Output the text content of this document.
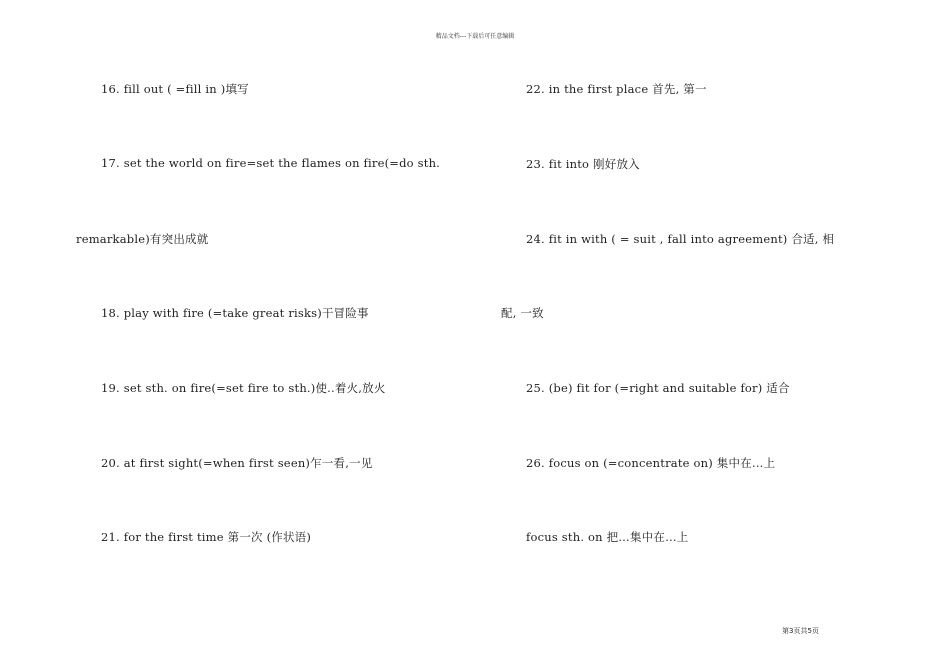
精品文档---下载后可任意编辑
16. fill out ( =fill in )填写
17. set the world on fire=set the flames on fire(=do sth.
remarkable)有突出成就
18. play with fire (=take great risks)干冒险事
19. set sth. on fire(=set fire to sth.)使..着火,放火
20. at first sight(=when first seen)乍一看,一见
21. for the first time 第一次 (作状语)
22. in the first place 首先, 第一
23. fit into 刚好放入
24. fit in with ( = suit , fall into agreement) 合适, 相
配, 一致
25. (be) fit for (=right and suitable for) 适合
26. focus on (=concentrate on) 集中在…上
focus sth. on 把…集中在…上
第3页共5页
